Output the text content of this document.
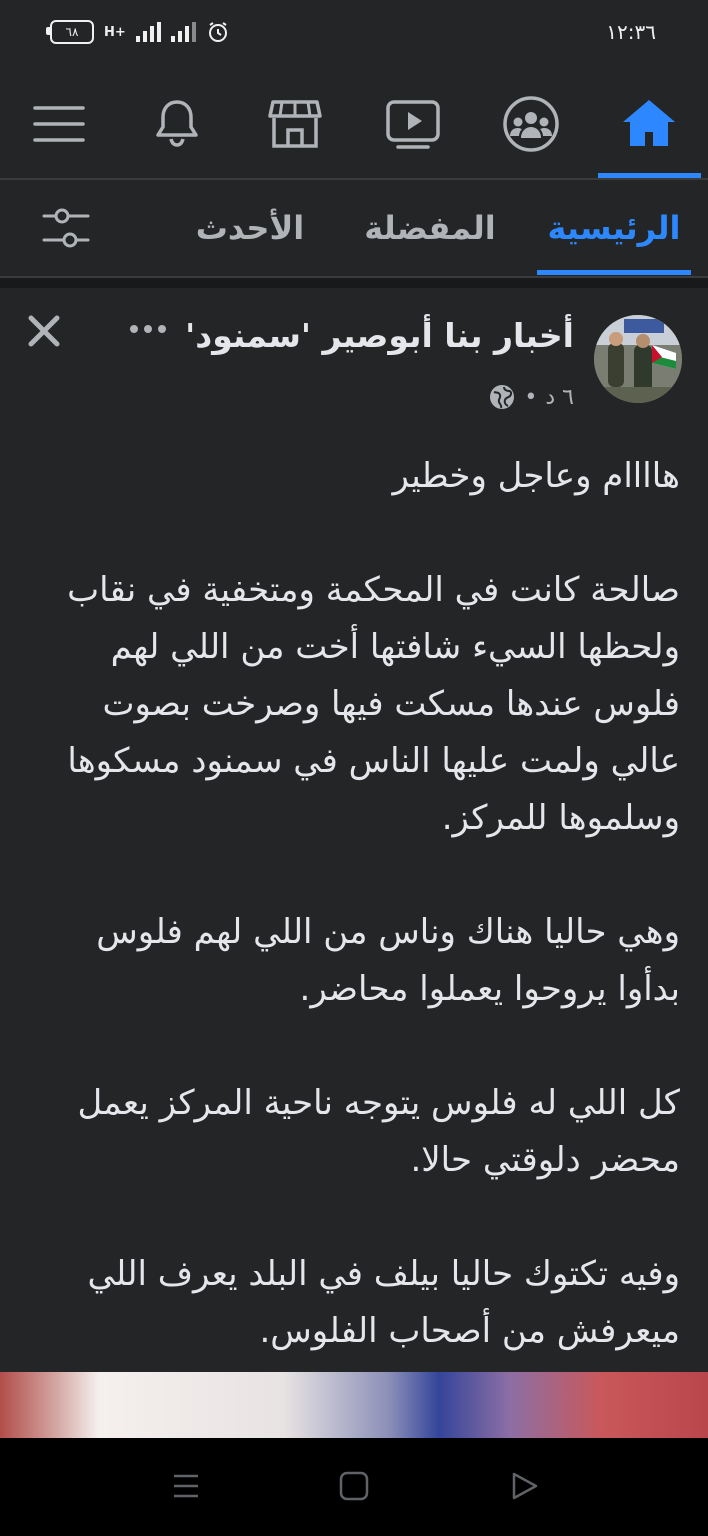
٦٨ H+	١٢:٣٦
الرئيسية
المفضلة
الأحدث
أخبار بنا أبوصير 'سمنود'
٦ د
•

هاااام وعاجل وخطير

صالحة كانت في المحكمة ومتخفية في نقاب ولحظها السيء شافتها أخت من اللي لهم فلوس عندها مسكت فيها وصرخت بصوت عالي ولمت عليها الناس في سمنود مسكوها وسلموها للمركز.

وهي حاليا هناك وناس من اللي لهم فلوس بدأوا يروحوا يعملوا محاضر.

كل اللي له فلوس يتوجه ناحية المركز يعمل محضر دلوقتي حالا.

وفيه تكتوك حاليا بيلف في البلد يعرف اللي ميعرفش من أصحاب الفلوس.
